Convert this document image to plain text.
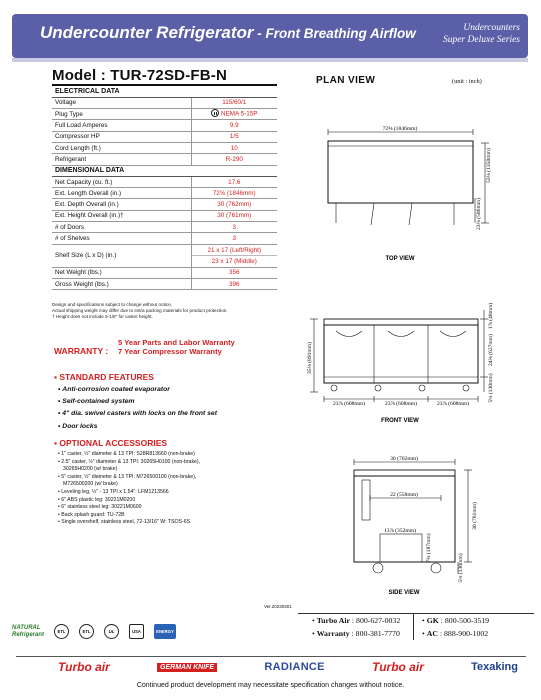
Undercounter Refrigerator - Front Breathing Airflow	Undercounters
Super Deluxe Series
Model : TUR-72SD-FB-N
ELECTRICAL DATA	
Voltage	115/60/1
Plug Type	NEMA 5-15P
Full Load Amperes	9.9
Compressor HP	1/5
Cord Length (ft.)	10
Refrigerant	R-290
DIMENSIONAL DATA	
Net Capacity (cu. ft.)	17.6
Ext. Length Overall (in.)	72⅝ (1846mm)
Ext. Depth Overall (in.)	30 (762mm)
Ext. Height Overall (in.)†	30 (761mm)
# of Doors	3
# of Shelves	3
Shelf Size (L x D) (in.)	21 x 17 (Left/Right)
23 x 17 (Middle)

Net Weight (lbs.)	356
Gross Weight (lbs.)	396
Design and specifications subject to change without notice.
Actual shipping weight may differ due to extra packing materials for product protection.
† Height does not include 5-1/8" for caster height.
WARRANTY :
5 Year Parts and Labor Warranty
7 Year Compressor Warranty
▪ STANDARD FEATURES
• Anti-corrosion coated evaporator
• Self-contained system
• 4" dia. swivel casters with locks on the front set
• Door locks
▪ OPTIONAL ACCESSORIES
• 1" caster, ½" diameter & 13 TPI: S28R813660 (non-brake)
• 2.5" caster, ½" diameter & 13 TPI: 30265H0100 (non-brake),
30265H0200 (w/ brake)
• 5" caster, ½" diameter & 13 TPI: M726500100 (non-brake),
M726500200 (w/ brake)
• Leveling leg, ½" - 13 TPI x 1.54": LFM1213566
• 6" ABS plastic leg: 30221M0200
• 6" stainless steel leg: 30221M0600
• Back splash guard: TU-72B
• Single overshelf, stainless steel, 72-13/16" W: TSOS-6S
Ver.20230301
PLAN VIEW	(unit : inch)
72⅝ (1846mm)
53⅛ (1350mm)
23⅛ (586mm)
TOP VIEW
35⅛ (891mm)	24⅜ (627mm)
1⅞ (48mm)
5⅛ (130mm)
23⅞ (608mm)	23⅞ (608mm)	23⅞ (608mm)
FRONT VIEW
30 (762mm)
22 (558mm)
13⅞ (352mm)
7⅜ (187mm)
30 (761mm)
5⅛ (130mm)
SIDE VIEW
• Turbo Air : 800-627-0032	• GK : 800-500-3519
• Warranty : 800-381-7770	• AC : 888-900-1002
NATURAL
Refrigerant	ETL	ETL	UL	USA	ENERGY
Turbo air	GERMAN KNIFE	RADIANCE	Turbo air	Texaking
Continued product development may necessitate specification changes without notice.
